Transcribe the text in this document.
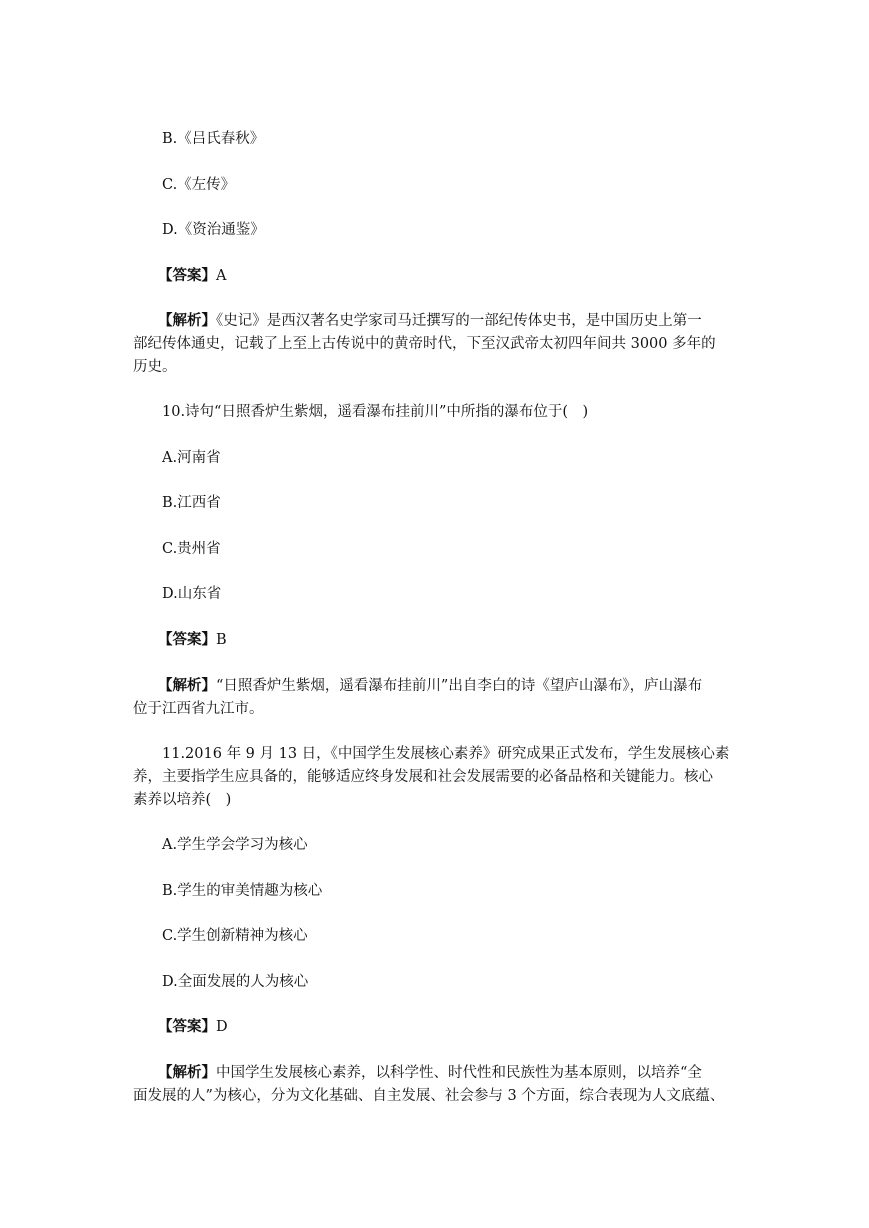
B.《吕氏春秋》
C.《左传》
D.《资治通鉴》
【答案】A
【解析】《史记》是西汉著名史学家司马迁撰写的一部纪传体史书，是中国历史上第一
部纪传体通史，记载了上至上古传说中的黄帝时代，下至汉武帝太初四年间共 3000 多年的
历史。
10.诗句“日照香炉生紫烟，遥看瀑布挂前川”中所指的瀑布位于(　)
A.河南省
B.江西省
C.贵州省
D.山东省
【答案】B
【解析】“日照香炉生紫烟，遥看瀑布挂前川”出自李白的诗《望庐山瀑布》，庐山瀑布
位于江西省九江市。
11.2016 年 9 月 13 日，《中国学生发展核心素养》研究成果正式发布，学生发展核心素
养，主要指学生应具备的，能够适应终身发展和社会发展需要的必备品格和关键能力。核心
素养以培养(　)
A.学生学会学习为核心
B.学生的审美情趣为核心
C.学生创新精神为核心
D.全面发展的人为核心
【答案】D
【解析】中国学生发展核心素养，以科学性、时代性和民族性为基本原则，以培养“全
面发展的人”为核心，分为文化基础、自主发展、社会参与 3 个方面，综合表现为人文底蕴、
